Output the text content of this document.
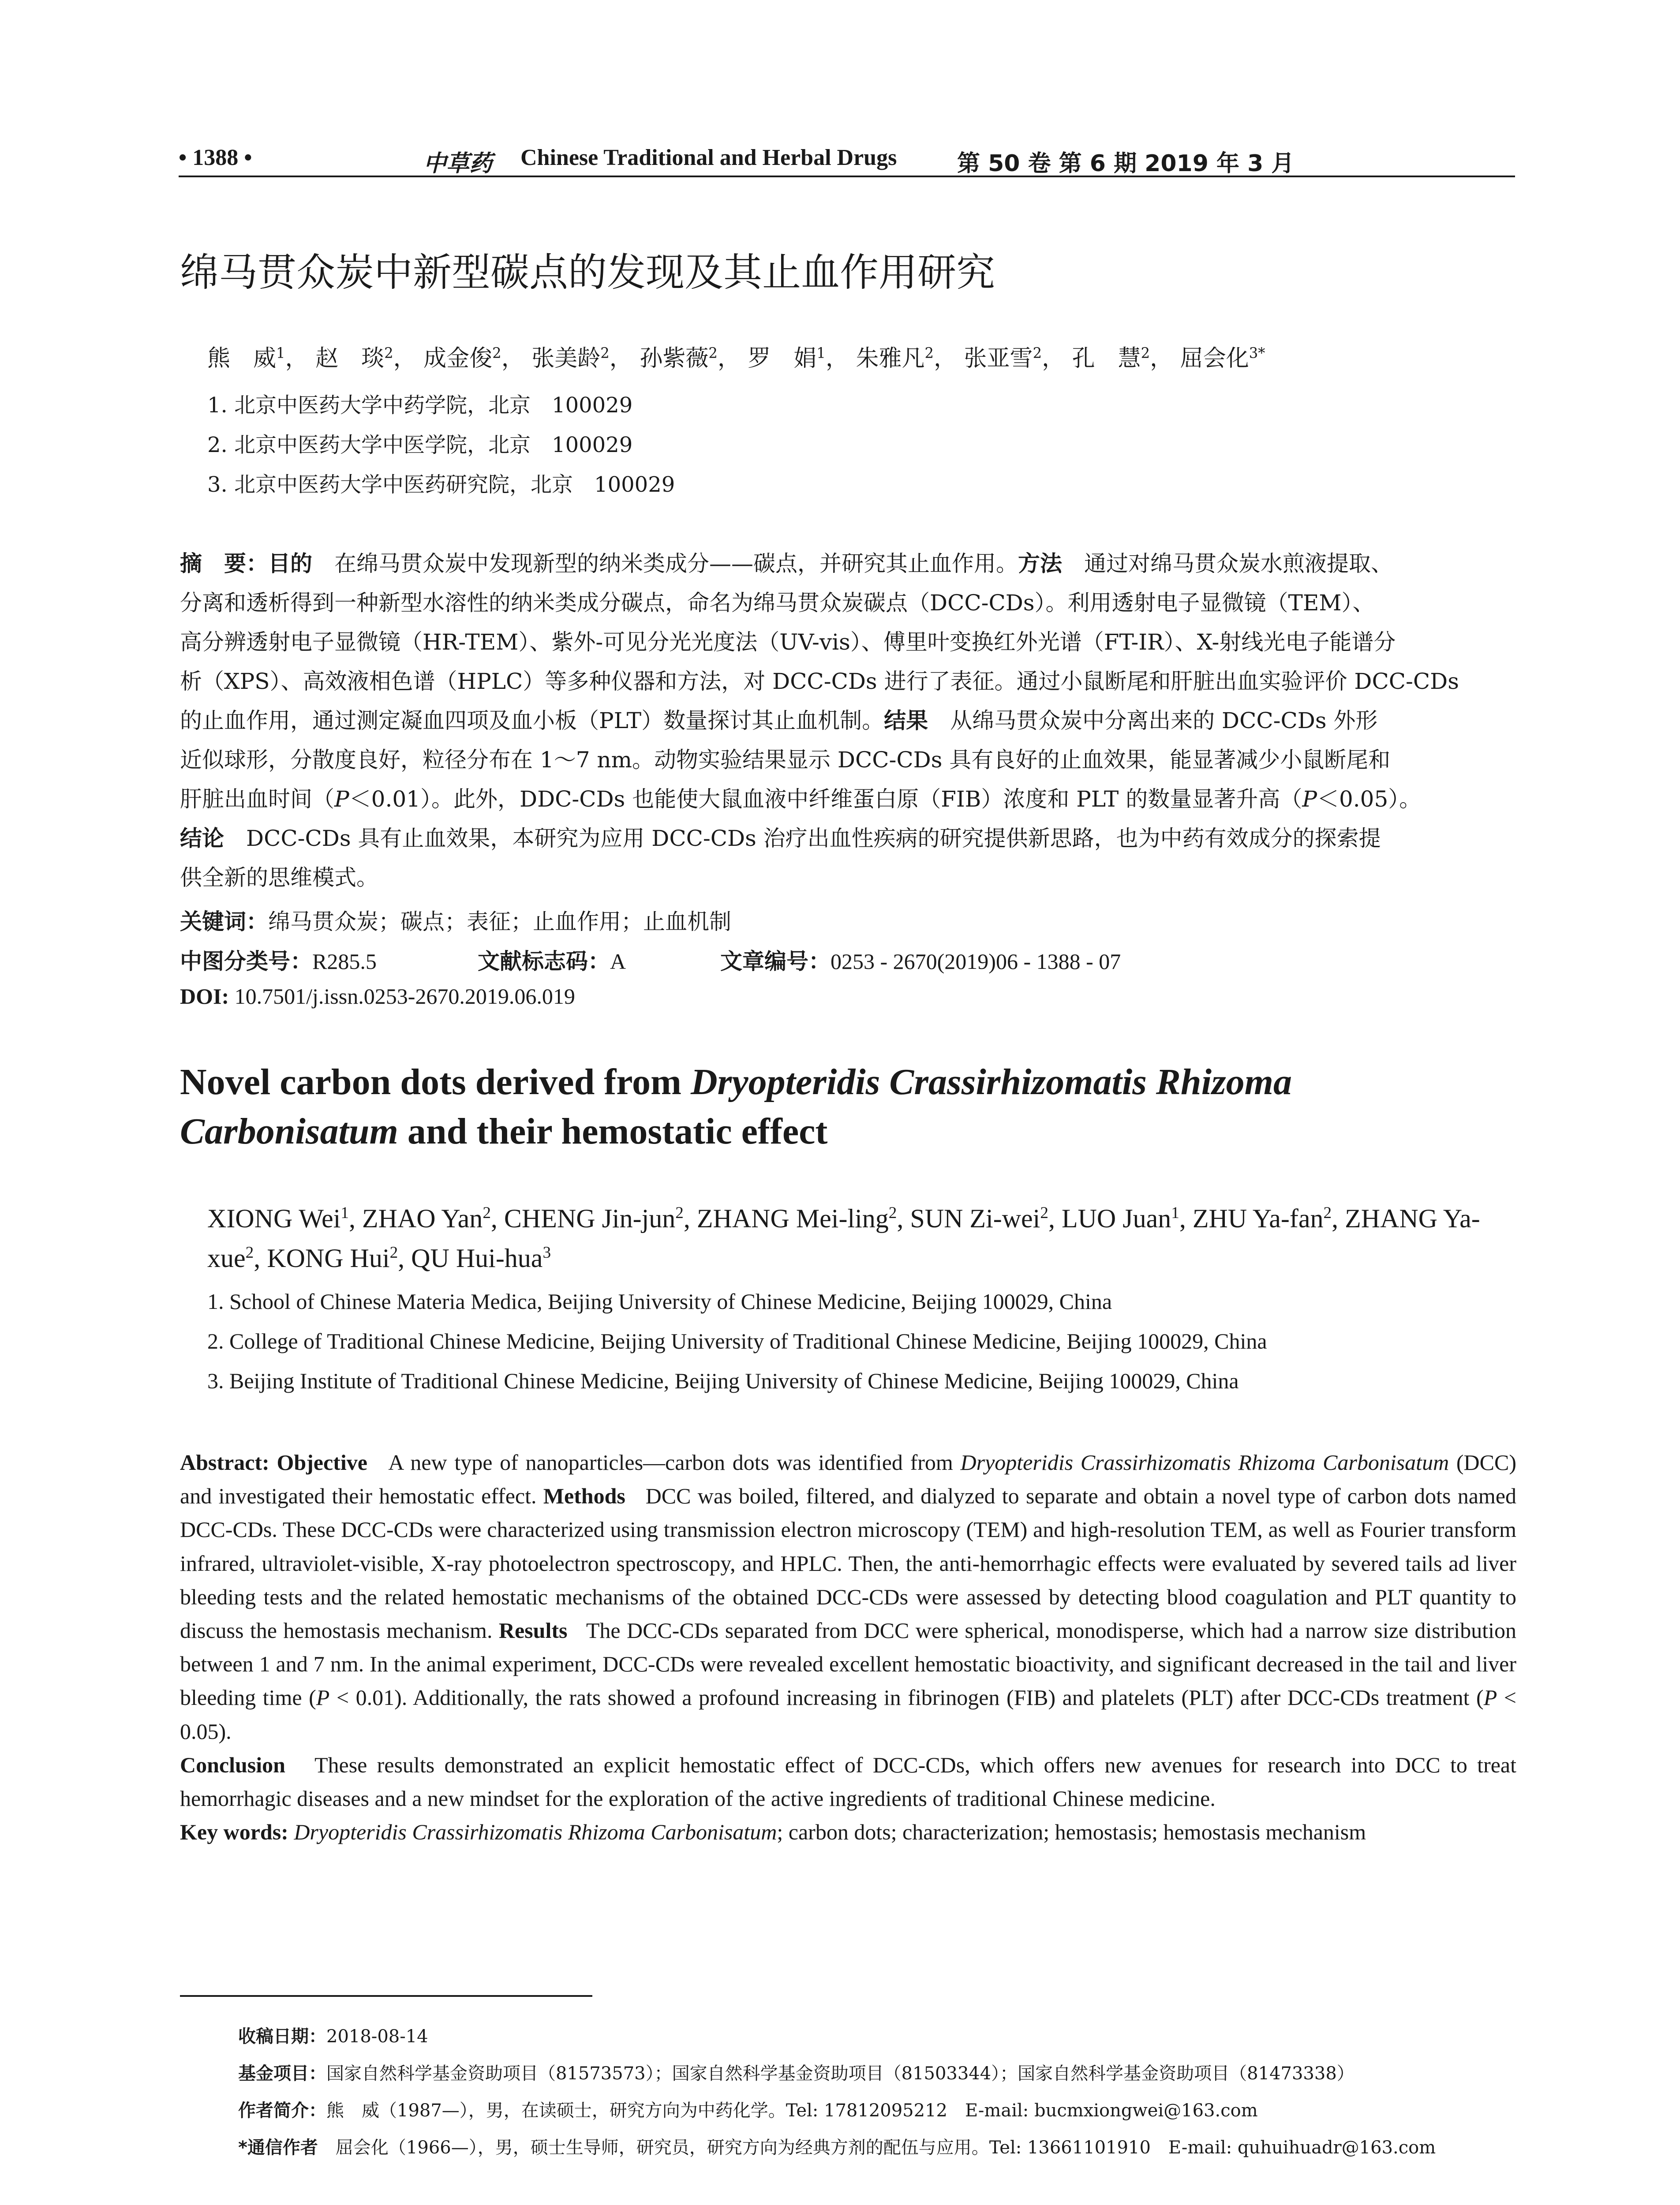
• 1388 •	中草药 Chinese Traditional and Herbal Drugs	第 50 卷 第 6 期 2019 年 3 月
绵马贯众炭中新型碳点的发现及其止血作用研究
熊　威$^1$， 赵　琰$^2$， 成金俊$^2$， 张美龄$^2$， 孙紫薇$^2$， 罗　娟$^1$， 朱雅凡$^2$， 张亚雪$^2$， 孔　慧$^2$， 屈会化$^{3*}$
1. 北京中医药大学中药学院，北京　100029
2. 北京中医药大学中医学院，北京　100029
3. 北京中医药大学中医药研究院，北京　100029
摘　要：目的　 在绵马贯众炭中发现新型的纳米类成分——碳点，并研究其止血作用。方法　 通过对绵马贯众炭水煎液提取、
分离和透析得到一种新型水溶性的纳米类成分碳点，命名为绵马贯众炭碳点（DCC-CDs）。利用透射电子显微镜（TEM）、
高分辨透射电子显微镜（HR-TEM）、紫外-可见分光光度法（UV-vis）、傅里叶变换红外光谱（FT-IR）、X-射线光电子能谱分
析（XPS）、高效液相色谱（HPLC）等多种仪器和方法，对 DCC-CDs 进行了表征。通过小鼠断尾和肝脏出血实验评价 DCC-CDs
的止血作用，通过测定凝血四项及血小板（PLT）数量探讨其止血机制。结果　 从绵马贯众炭中分离出来的 DCC-CDs 外形
近似球形，分散度良好，粒径分布在 1～7 nm。动物实验结果显示 DCC-CDs 具有良好的止血效果，能显著减少小鼠断尾和
肝脏出血时间（P＜0.01）。此外，DDC-CDs 也能使大鼠血液中纤维蛋白原（FIB）浓度和 PLT 的数量显著升高（P＜0.05）。
结论　 DCC-CDs 具有止血效果，本研究为应用 DCC-CDs 治疗出血性疾病的研究提供新思路，也为中药有效成分的探索提
供全新的思维模式。
关键词：绵马贯众炭；碳点；表征；止血作用；止血机制
中图分类号：R285.5	文献标志码：A	文章编号：0253 - 2670(2019)06 - 1388 - 07
DOI: 10.7501/j.issn.0253-2670.2019.06.019
Novel carbon dots derived from Dryopteridis Crassirhizomatis Rhizoma Carbonisatum and their hemostatic effect
XIONG Wei$^1$, ZHAO Yan$^2$, CHENG Jin-jun$^2$, ZHANG Mei-ling$^2$, SUN Zi-wei$^2$, LUO Juan$^1$, ZHU Ya-fan$^2$, ZHANG Ya-xue$^2$, KONG Hui$^2$, QU Hui-hua$^3$
1. School of Chinese Materia Medica, Beijing University of Chinese Medicine, Beijing 100029, China
2. College of Traditional Chinese Medicine, Beijing University of Traditional Chinese Medicine, Beijing 100029, China
3. Beijing Institute of Traditional Chinese Medicine, Beijing University of Chinese Medicine, Beijing 100029, China

Abstract: Objective A new type of nanoparticles—carbon dots was identified from Dryopteridis Crassirhizomatis Rhizoma Carbonisatum (DCC) and investigated their hemostatic effect. Methods DCC was boiled, filtered, and dialyzed to separate and obtain a novel type of carbon dots named DCC-CDs. These DCC-CDs were characterized using transmission electron microscopy (TEM) and high-resolution TEM, as well as Fourier transform infrared, ultraviolet-visible, X-ray photoelectron spectroscopy, and HPLC. Then, the anti-hemorrhagic effects were evaluated by severed tails ad liver bleeding tests and the related hemostatic mechanisms of the obtained DCC-CDs were assessed by detecting blood coagulation and PLT quantity to discuss the hemostasis mechanism. Results The DCC-CDs separated from DCC were spherical, monodisperse, which had a narrow size distribution between 1 and 7 nm. In the animal experiment, DCC-CDs were revealed excellent hemostatic bioactivity, and significant decreased in the tail and liver bleeding time (P < 0.01). Additionally, the rats showed a profound increasing in fibrinogen (FIB) and platelets (PLT) after DCC-CDs treatment (P < 0.05).
Conclusion These results demonstrated an explicit hemostatic effect of DCC-CDs, which offers new avenues for research into DCC to treat hemorrhagic diseases and a new mindset for the exploration of the active ingredients of traditional Chinese medicine.

Key words: Dryopteridis Crassirhizomatis Rhizoma Carbonisatum; carbon dots; characterization; hemostasis; hemostasis mechanism

收稿日期：2018-08-14
基金项目：国家自然科学基金资助项目（81573573）；国家自然科学基金资助项目（81503344）；国家自然科学基金资助项目（81473338）
作者简介：熊　威（1987—），男，在读硕士，研究方向为中药化学。Tel: 17812095212　E-mail: bucmxiongwei@163.com
*通信作者　 屈会化（1966—），男，硕士生导师，研究员，研究方向为经典方剂的配伍与应用。Tel: 13661101910　E-mail: quhuihuadr@163.com
